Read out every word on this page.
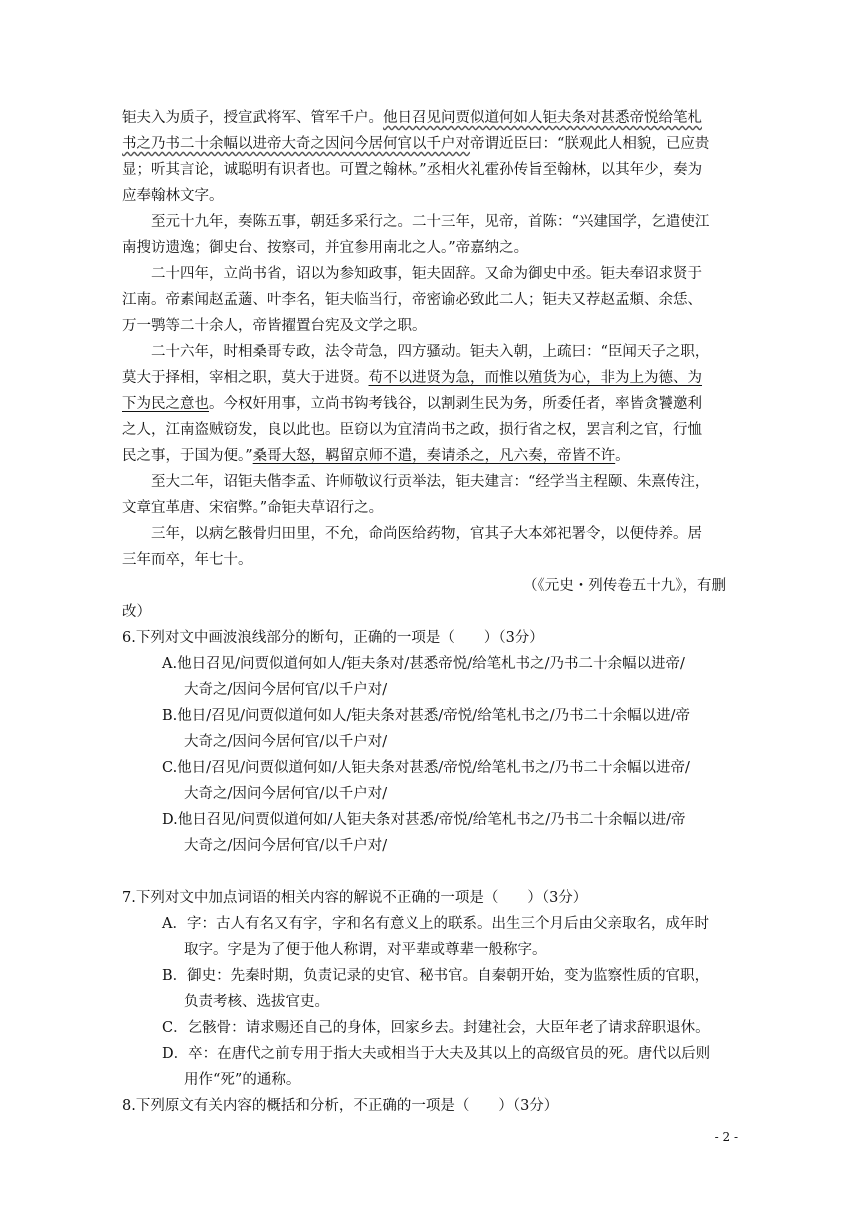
钜夫入为质子，授宣武将军、管军千户。他日召见问贾似道何如人钜夫条对甚悉帝悦给笔札
书之乃书二十余幅以进帝大奇之因问今居何官以千户对帝谓近臣曰：“朕观此人相貌，已应贵
显；听其言论，诚聪明有识者也。可置之翰林。”丞相火礼霍孙传旨至翰林，以其年少，奏为
应奉翰林文字。
至元十九年，奏陈五事，朝廷多采行之。二十三年，见帝，首陈：“兴建国学，乞遣使江
南搜访遗逸；御史台、按察司，并宜参用南北之人。”帝嘉纳之。
二十四年，立尚书省，诏以为参知政事，钜夫固辞。又命为御史中丞。钜夫奉诏求贤于
江南。帝素闻赵孟藡、叶李名，钜夫临当行，帝密谕必致此二人；钜夫又荐赵孟頫、余恁、
万一鹗等二十余人，帝皆擢置台宪及文学之职。
二十六年，时相桑哥专政，法令苛急，四方骚动。钜夫入朝，上疏曰：“臣闻天子之职，
莫大于择相，宰相之职，莫大于进贤。苟不以进贤为急，而惟以殖货为心，非为上为德、为
下为民之意也。今权奸用事，立尚书钩考钱谷，以割剥生民为务，所委任者，率皆贪饕邀利
之人，江南盗贼窃发，良以此也。臣窃以为宜清尚书之政，损行省之权，罢言利之官，行恤
民之事，于国为便。”桑哥大怒，羁留京师不遣，奏请杀之，凡六奏，帝皆不许。
至大二年，诏钜夫偕李孟、许师敬议行贡举法，钜夫建言：“经学当主程颐、朱熹传注，
文章宜革唐、宋宿弊。”命钜夫草诏行之。
三年，以病乞骸骨归田里，不允，命尚医给药物，官其子大本郊祀署令，以便侍养。居
三年而卒，年七十。
（《元史・列传卷五十九》，有删
改）
6.下列对文中画波浪线部分的断句，正确的一项是（　　）（3分）
A.他日召见/问贾似道何如人/钜夫条对/甚悉帝悦/给笔札书之/乃书二十余幅以进帝/
大奇之/因问今居何官/以千户对/
B.他日/召见/问贾似道何如人/钜夫条对甚悉/帝悦/给笔札书之/乃书二十余幅以进/帝
大奇之/因问今居何官/以千户对/
C.他日/召见/问贾似道何如/人钜夫条对甚悉/帝悦/给笔札书之/乃书二十余幅以进帝/
大奇之/因问今居何官/以千户对/
D.他日召见/问贾似道何如/人钜夫条对甚悉/帝悦/给笔札书之/乃书二十余幅以进/帝
大奇之/因问今居何官/以千户对/
7.下列对文中加点词语的相关内容的解说不正确的一项是（　　）（3分）
A．字：古人有名又有字，字和名有意义上的联系。出生三个月后由父亲取名，成年时
取字。字是为了便于他人称谓，对平辈或尊辈一般称字。
B．御史：先秦时期，负责记录的史官、秘书官。自秦朝开始，变为监察性质的官职，
负责考核、选拔官吏。
C．乞骸骨：请求赐还自己的身体，回家乡去。封建社会，大臣年老了请求辞职退休。
D．卒：在唐代之前专用于指大夫或相当于大夫及其以上的高级官员的死。唐代以后则
用作“死”的通称。
8.下列原文有关内容的概括和分析，不正确的一项是（　　）（3分）
- 2 -
